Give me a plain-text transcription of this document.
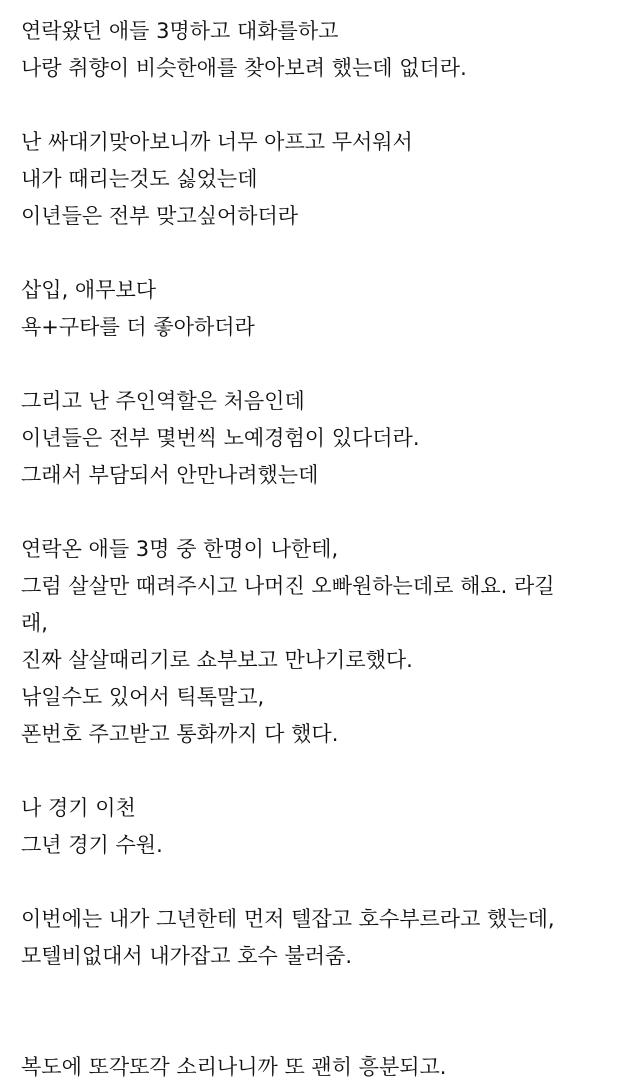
연락왔던 애들 3명하고 대화를하고
나랑 취향이 비슷한애를 찾아보려 했는데 없더라.
난 싸대기맞아보니까 너무 아프고 무서워서
내가 때리는것도 싫었는데
이년들은 전부 맞고싶어하더라
삽입, 애무보다
욕+구타를 더 좋아하더라
그리고 난 주인역할은 처음인데
이년들은 전부 몇번씩 노예경험이 있다더라.
그래서 부담되서 안만나려했는데
연락온 애들 3명 중 한명이 나한테,
그럼 살살만 때려주시고 나머진 오빠원하는데로 해요. 라길
래,
진짜 살살때리기로 쇼부보고 만나기로했다.
낚일수도 있어서 틱톡말고,
폰번호 주고받고 통화까지 다 했다.
나 경기 이천
그년 경기 수원.
이번에는 내가 그년한테 먼저 텔잡고 호수부르라고 했는데,
모텔비없대서 내가잡고 호수 불러줌.
복도에 또각또각 소리나니까 또 괜히 흥분되고.
